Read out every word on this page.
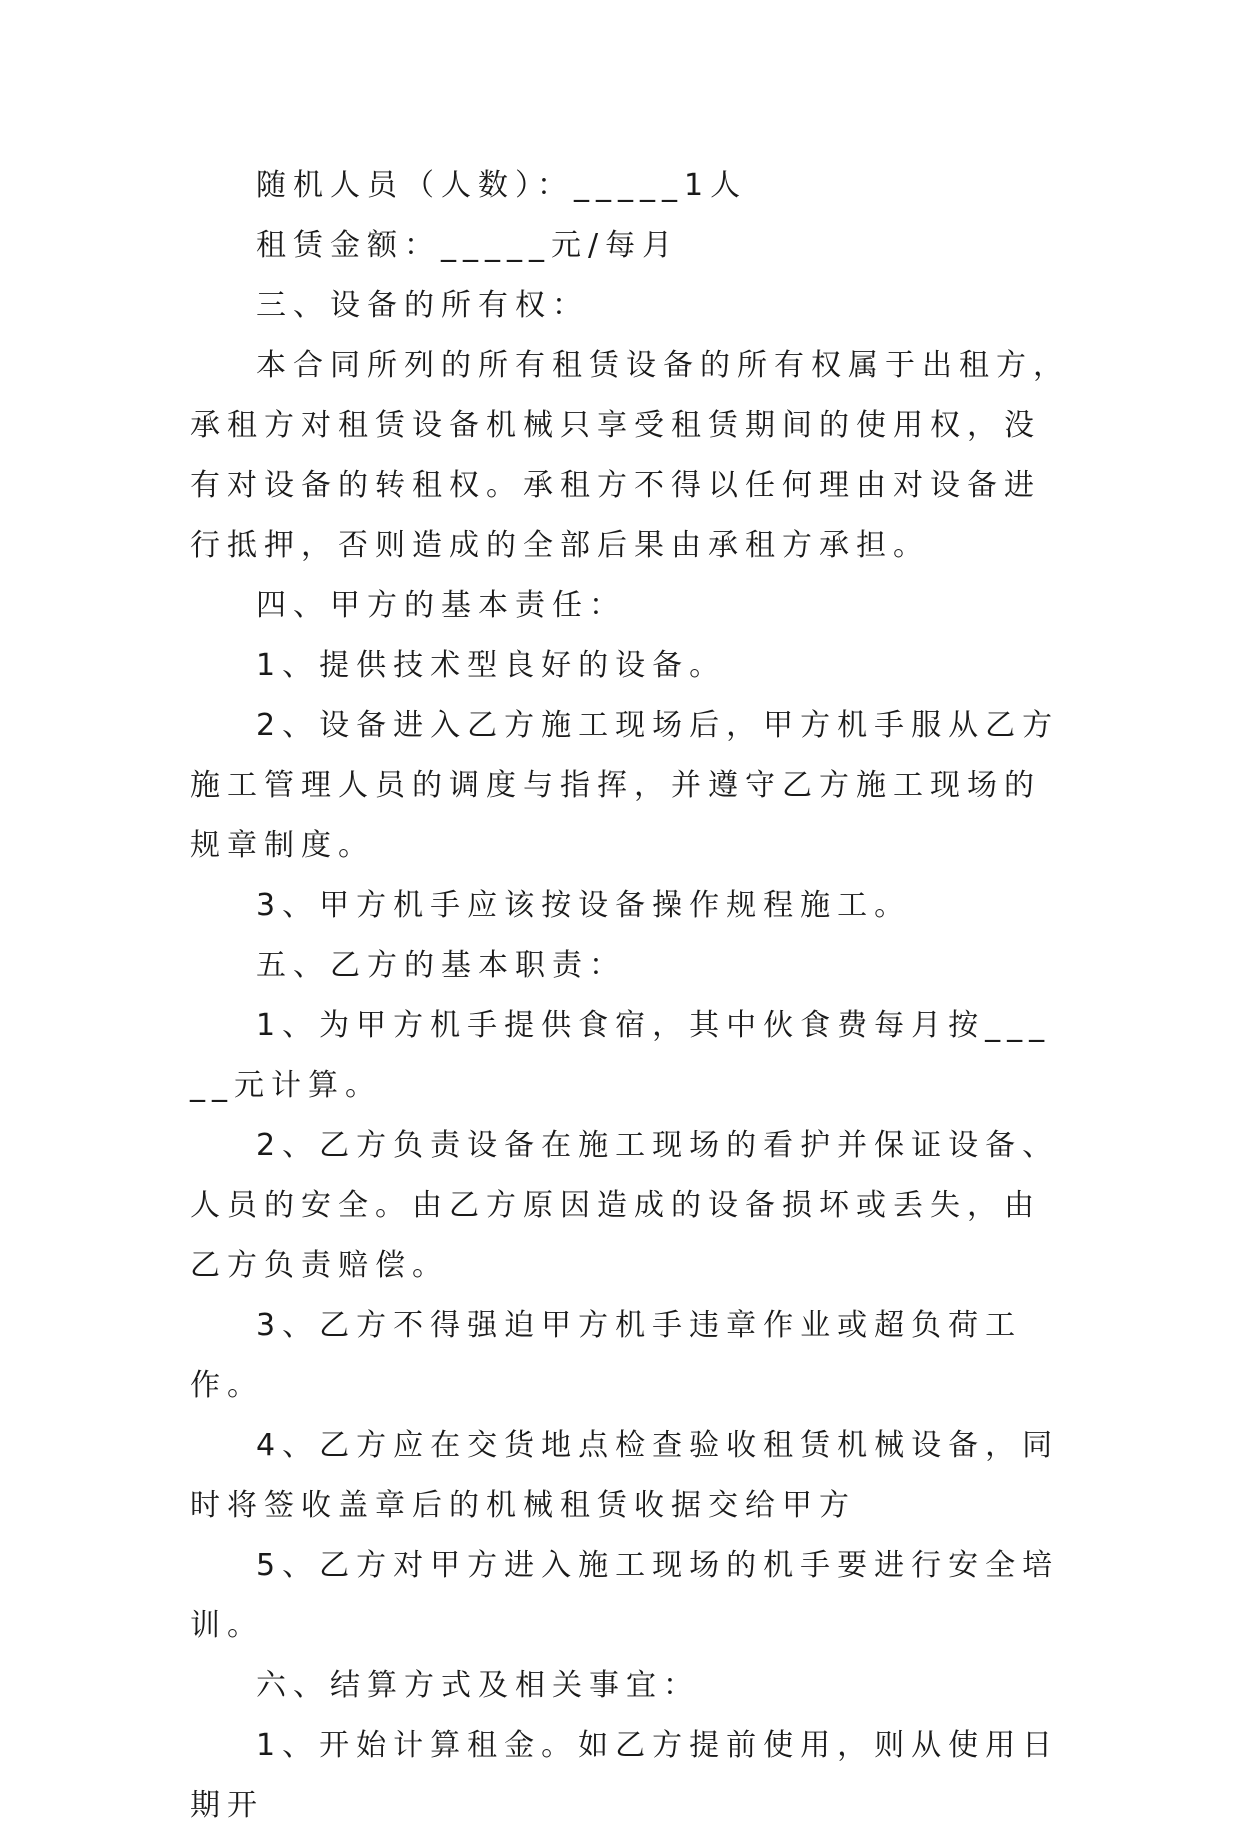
随机人员（人数）：_____1人

租赁金额：_____元/每月

三、设备的所有权：

本合同所列的所有租赁设备的所有权属于出租方，承租方对租赁设备机械只享受租赁期间的使用权，没有对设备的转租权。承租方不得以任何理由对设备进行抵押，否则造成的全部后果由承租方承担。

四、甲方的基本责任：

1、提供技术型良好的设备。

2、设备进入乙方施工现场后，甲方机手服从乙方施工管理人员的调度与指挥，并遵守乙方施工现场的规章制度。

3、甲方机手应该按设备操作规程施工。

五、乙方的基本职责：

1、为甲方机手提供食宿，其中伙食费每月按_____元计算。

2、乙方负责设备在施工现场的看护并保证设备、人员的安全。由乙方原因造成的设备损坏或丢失，由乙方负责赔偿。

3、乙方不得强迫甲方机手违章作业或超负荷工作。

4、乙方应在交货地点检查验收租赁机械设备，同时将签收盖章后的机械租赁收据交给甲方

5、乙方对甲方进入施工现场的机手要进行安全培训。

六、结算方式及相关事宜：

1、开始计算租金。如乙方提前使用，则从使用日期开
